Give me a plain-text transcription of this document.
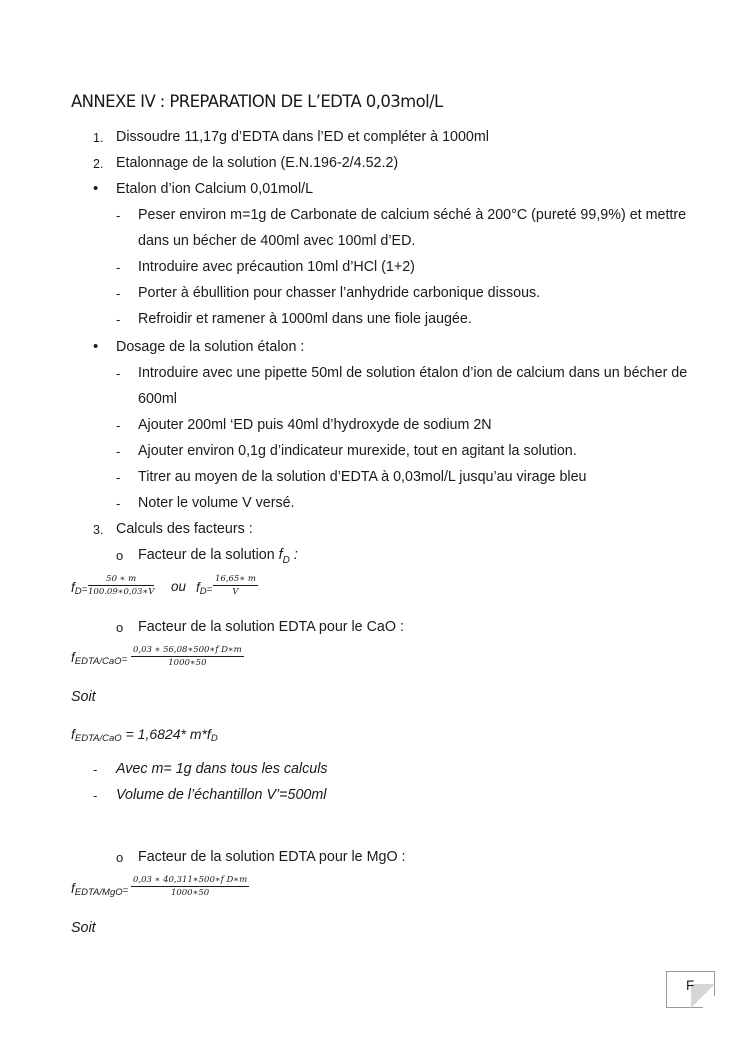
ANNEXE IV : PREPARATION DE L’EDTA 0,03mol/L
1. Dissoudre 11,17g d’EDTA dans l’ED et compléter à 1000ml
2. Etalonnage de la solution (E.N.196-2/4.52.2)
• Etalon d’ion Calcium 0,01mol/L
- Peser environ m=1g de Carbonate de calcium séché à 200°C (pureté 99,9%) et mettre
dans un bécher de 400ml avec 100ml d’ED.
- Introduire avec précaution 10ml d’HCl (1+2)
- Porter à ébullition pour chasser l’anhydride carbonique dissous.
- Refroidir et ramener à 1000ml dans une fiole jaugée.
• Dosage de la solution étalon :
- Introduire avec une pipette 50ml de solution étalon d’ion de calcium dans un bécher de
600ml
- Ajouter 200ml ‘ED puis 40ml d’hydroxyde de sodium 2N
- Ajouter environ 0,1g d’indicateur murexide, tout en agitant la solution.
- Titrer au moyen de la solution d’EDTA à 0,03mol/L jusqu’au virage bleu
- Noter le volume V versé.
3. Calculs des facteurs :
o Facteur de la solution $f_D$ :
$f_D= \frac{50 ∗ m}{100.09∗0,03∗V}$ ou $f_D= \frac{16,65∗ m}{V}$
o Facteur de la solution EDTA pour le CaO :
$f_{EDTA/CaO}= \frac{\text{0,03 ∗ 56,08∗500∗f D∗m}}{1000∗50}$
Soit
$f_{EDTA/CaO} = 1,6824*$ $m*f_D$
- Avec m= 1g dans tous les calculs
- Volume de l’échantillon V’=500ml
o Facteur de la solution EDTA pour le MgO :
$f_{EDTA/MgO}= \frac{\text{0,03 ∗ 40,311∗500∗f D∗m}}{1000∗50}$
Soit
F
